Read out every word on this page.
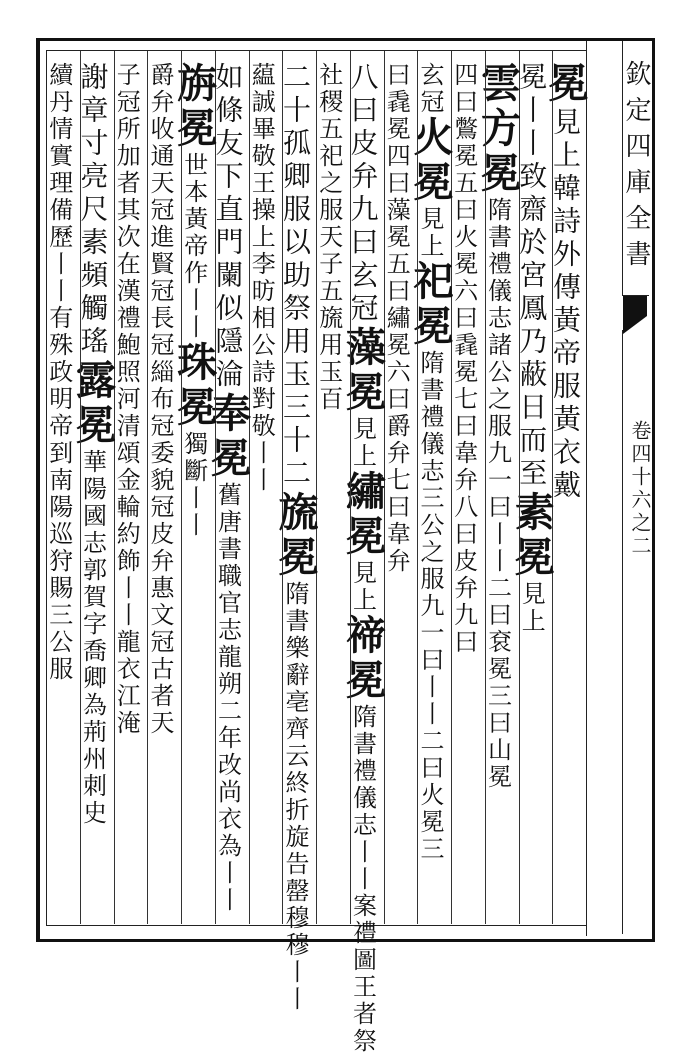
欽定四庫全書
卷四十六之二
冕見上韓詩外傳黃帝服黃衣戴
冕丨丨致齋於宮鳳乃蔽日而至素冕見上
雲方冕隋書禮儀志諸公之服九一曰丨丨二曰袞冕三曰山冕
四曰鷩冕五曰火冕六曰毳冕七曰韋弁八曰皮弁九曰
玄冠火冕見上祀冕隋書禮儀志三公之服九一曰丨丨二曰火冕三
曰毳冕四曰藻冕五曰繡冕六曰爵弁七曰韋弁
八曰皮弁九曰玄冠藻冕見上繡冕見上禘冕隋書禮儀志丨丨案禮圖王者祭
社稷五祀之服天子五旒用玉百
二十孤卿服以助祭用玉三十二旒冕隋書樂辭亳齊云終折旋告罄穆穆丨丨
藴誠畢敬王操上李昉相公詩對敬丨丨
如條友下直門闌似隱淪奉冕舊唐書職官志龍朔二年改尚衣為丨丨
旃冕世本黃帝作丨丨珠冕獨斷丨丨
爵弁收通天冠進賢冠長冠緇布冠委貌冠皮弁惠文冠古者天
子冠所加者其次在漢禮鮑照河清頌金輪約飾丨丨龍衣江淹
謝章寸亮尺素頻觸瑤露冕華陽國志郭賀字喬卿為荊州刺史
續丹情實理備歷丨丨有殊政明帝到南陽巡狩賜三公服
